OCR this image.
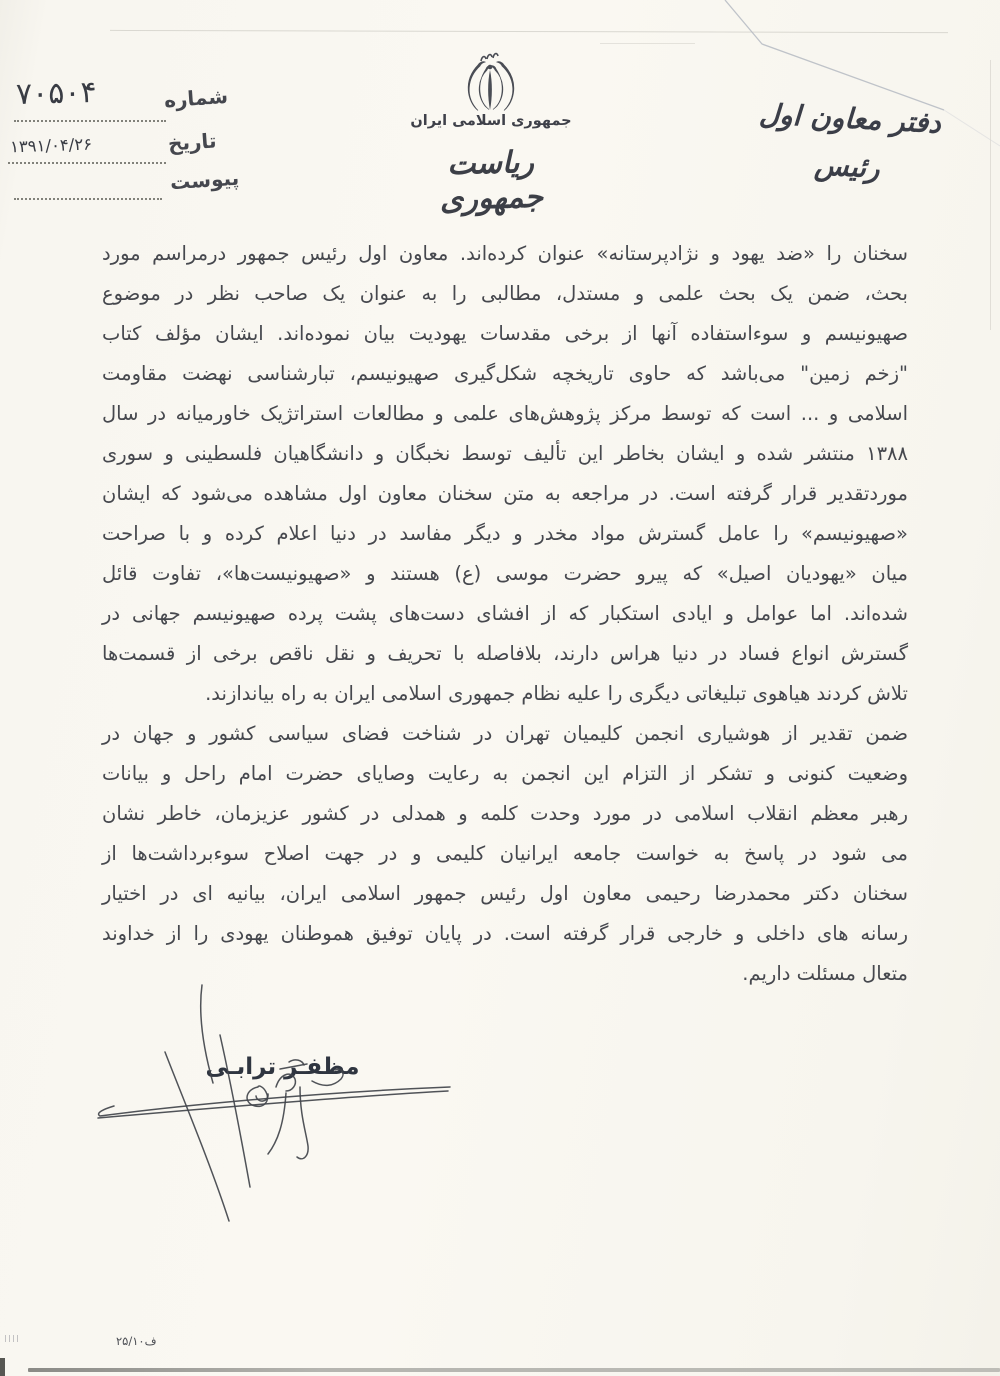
شماره
۷۰۵۰۴
تاریخ
۱۳۹۱/۰۴/۲۶
پیوست
جمهوری اسلامی ایران
ریاست جمهوری
دفتر معاون اول
رئیس
سخنان را «ضد یهود و نژادپرستانه» عنوان کرده‌اند. معاون اول رئیس جمهور درمراسم مورد
بحث، ضمن یک بحث علمی و مستدل، مطالبی را به عنوان یک صاحب نظر در موضوع
صهیونیسم و سوءاستفاده آنها از برخی مقدسات یهودیت بیان نموده‌اند. ایشان مؤلف کتاب
"زخم زمین" می‌باشد که حاوی تاریخچه شکل‌گیری صهیونیسم، تبارشناسی نهضت مقاومت
اسلامی و ... است که توسط مرکز پژوهش‌های علمی و مطالعات استراتژیک خاورمیانه در سال
۱۳۸۸ منتشر شده و ایشان بخاطر این تألیف توسط نخبگان و دانشگاهیان فلسطینی و سوری
موردتقدیر قرار گرفته است. در مراجعه به متن سخنان معاون اول مشاهده می‌شود که ایشان
«صهیونیسم» را عامل گسترش مواد مخدر و دیگر مفاسد در دنیا اعلام کرده و با صراحت
میان «یهودیان اصیل» که پیرو حضرت موسی (ع) هستند و «صهیونیست‌ها»، تفاوت قائل
شده‌اند. اما عوامل و ایادی استکبار که از افشای دست‌های پشت پرده صهیونیسم جهانی در
گسترش انواع فساد در دنیا هراس دارند، بلافاصله با تحریف و نقل ناقص برخی از قسمت‌ها
تلاش کردند هیاهوی تبلیغاتی دیگری را علیه نظام جمهوری اسلامی ایران به راه بیاندازند.
ضمن تقدیر از هوشیاری انجمن کلیمیان تهران در شناخت فضای سیاسی کشور و جهان در
وضعیت کنونی و تشکر از التزام این انجمن به رعایت وصایای حضرت امام راحل و بیانات
رهبر معظم انقلاب اسلامی در مورد وحدت کلمه و همدلی در کشور عزیزمان، خاطر نشان
می شود در پاسخ به خواست جامعه ایرانیان کلیمی و در جهت اصلاح سوءبرداشت‌ها از
سخنان دکتر محمدرضا رحیمی معاون اول رئیس جمهور اسلامی ایران، بیانیه ای در اختیار
رسانه های داخلی و خارجی قرار گرفته است. در پایان توفیق هموطنان یهودی را از خداوند
متعال مسئلت داریم.
مظفـر ترابـی
ف۲۵/۱۰
